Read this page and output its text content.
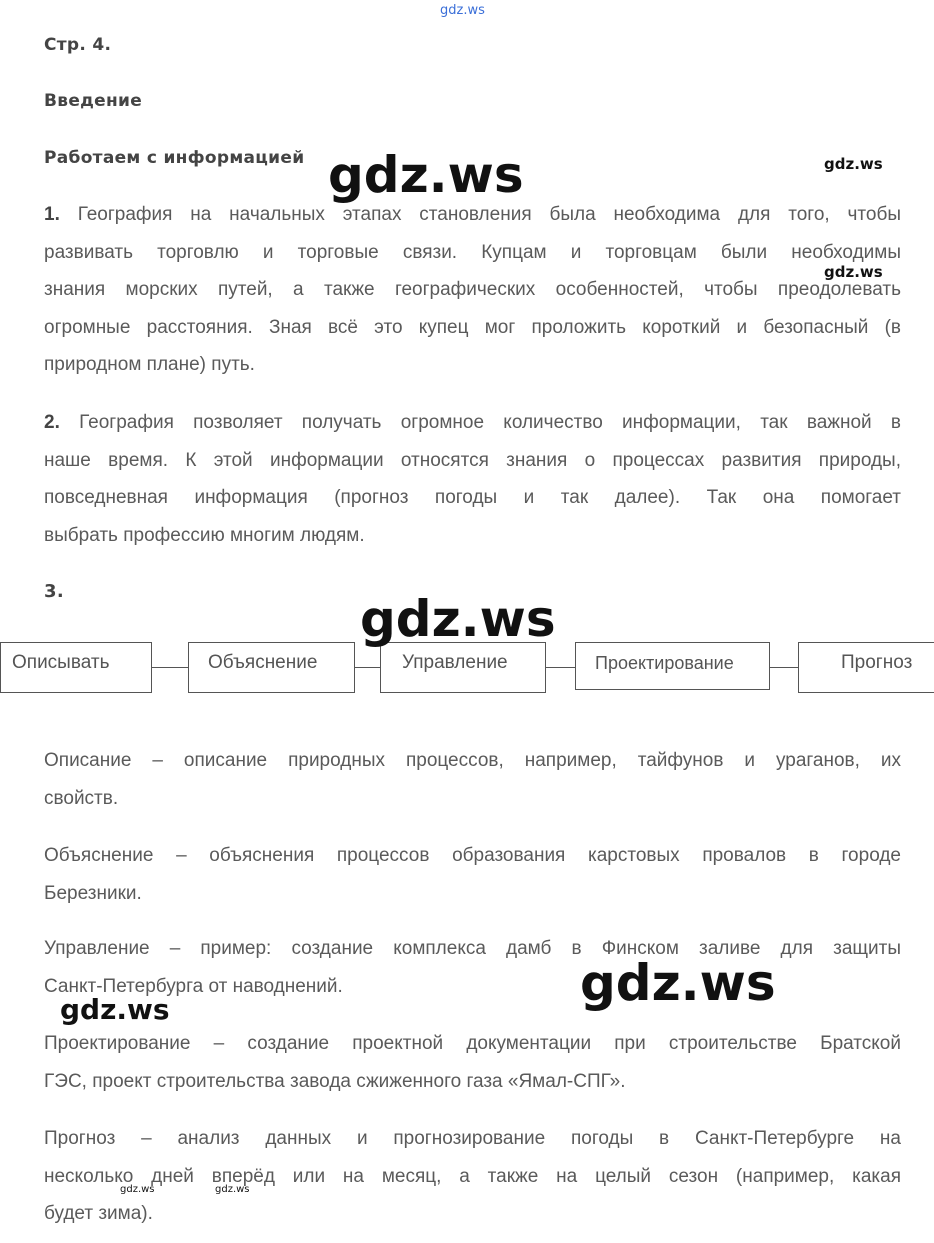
gdz.ws
Стр. 4.
Введение
Работаем с информацией
1. География на начальных этапах становления была необходима для того, чтобы
развивать торговлю и торговые связи. Купцам и торговцам были необходимы
знания морских путей, а также географических особенностей, чтобы преодолевать
огромные расстояния. Зная всё это купец мог проложить короткий и безопасный (в
природном плане) путь.
2. География позволяет получать огромное количество информации, так важной в
наше время. К этой информации относятся знания о процессах развития природы,
повседневная информация (прогноз погоды и так далее). Так она помогает
выбрать профессию многим людям.
3.
Описывать	Объяснение	Управление	Проектирование	Прогноз
Описание – описание природных процессов, например, тайфунов и ураганов, их
свойств.
Объяснение – объяснения процессов образования карстовых провалов в городе
Березники.
Управление – пример: создание комплекса дамб в Финском заливе для защиты
Санкт-Петербурга от наводнений.
Проектирование – создание проектной документации при строительстве Братской
ГЭС, проект строительства завода сжиженного газа «Ямал-СПГ».
Прогноз – анализ данных и прогнозирование погоды в Санкт-Петербурге на
несколько дней вперёд или на месяц, а также на целый сезон (например, какая
будет зима).
gdz.ws	gdz.ws
gdz.ws
gdz.ws
gdz.ws
gdz.ws
gdz.ws	gdz.ws
